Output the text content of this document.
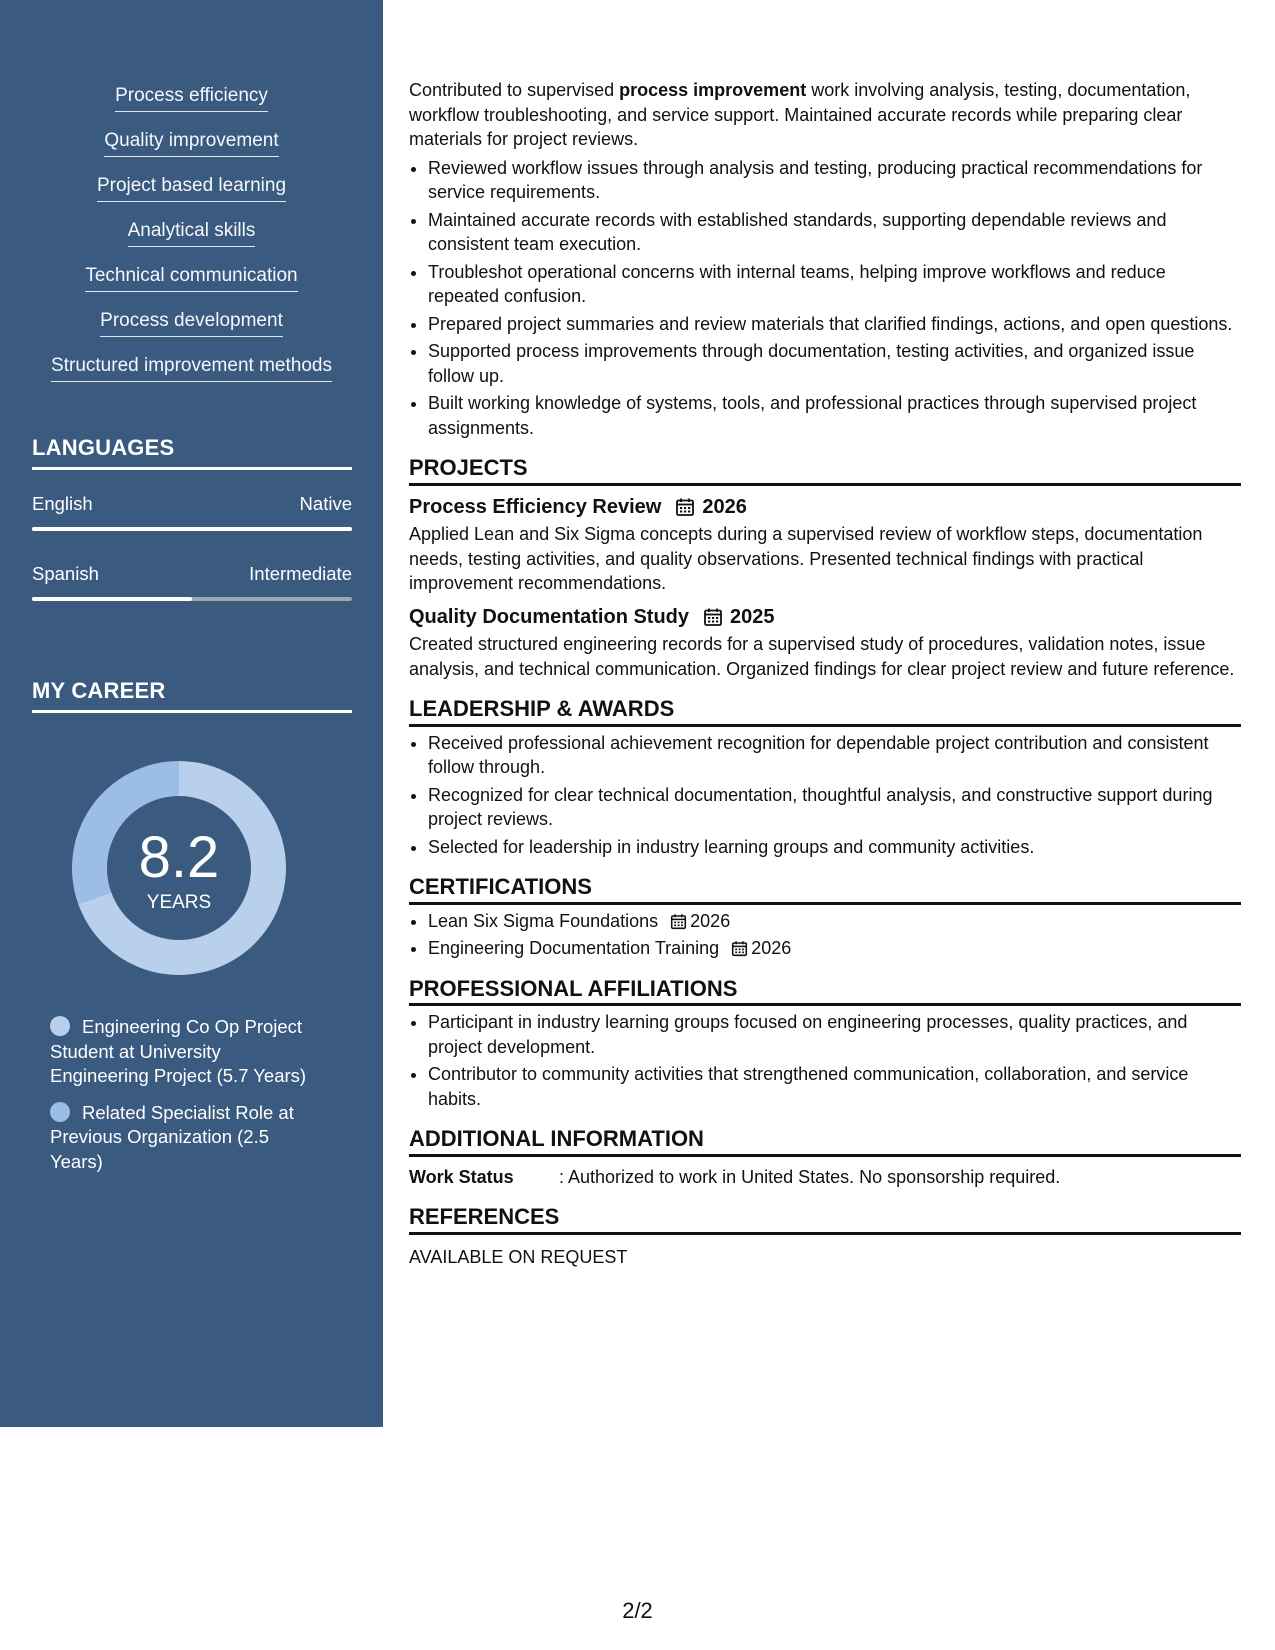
Process efficiency
Quality improvement
Project based learning
Analytical skills
Technical communication
Process development
Structured improvement methods
LANGUAGES
English	Native
Spanish	Intermediate
MY CAREER
8.2
YEARS
Engineering Co Op Project Student at University Engineering Project (5.7 Years)
Related Specialist Role at Previous Organization (2.5 Years)

Contributed to supervised process improvement work involving analysis, testing, documentation, workflow troubleshooting, and service support. Maintained accurate records while preparing clear materials for project reviews.

• Reviewed workflow issues through analysis and testing, producing practical recommendations for service requirements.
• Maintained accurate records with established standards, supporting dependable reviews and consistent team execution.
• Troubleshot operational concerns with internal teams, helping improve workflows and reduce repeated confusion.
• Prepared project summaries and review materials that clarified findings, actions, and open questions.
• Supported process improvements through documentation, testing activities, and organized issue follow up.
• Built working knowledge of systems, tools, and professional practices through supervised project assignments.
PROJECTS
Process Efficiency Review 2026

Applied Lean and Six Sigma concepts during a supervised review of workflow steps, documentation needs, testing activities, and quality observations. Presented technical findings with practical improvement recommendations.

Quality Documentation Study 2025

Created structured engineering records for a supervised study of procedures, validation notes, issue analysis, and technical communication. Organized findings for clear project review and future reference.

LEADERSHIP & AWARDS
• Received professional achievement recognition for dependable project contribution and consistent follow through.
• Recognized for clear technical documentation, thoughtful analysis, and constructive support during project reviews.
• Selected for leadership in industry learning groups and community activities.
CERTIFICATIONS
• Lean Six Sigma Foundations 2026
• Engineering Documentation Training 2026
PROFESSIONAL AFFILIATIONS
• Participant in industry learning groups focused on engineering processes, quality practices, and project development.
• Contributor to community activities that strengthened communication, collaboration, and service habits.
ADDITIONAL INFORMATION
Work Status	: Authorized to work in United States. No sponsorship required.
REFERENCES
AVAILABLE ON REQUEST
2/2
